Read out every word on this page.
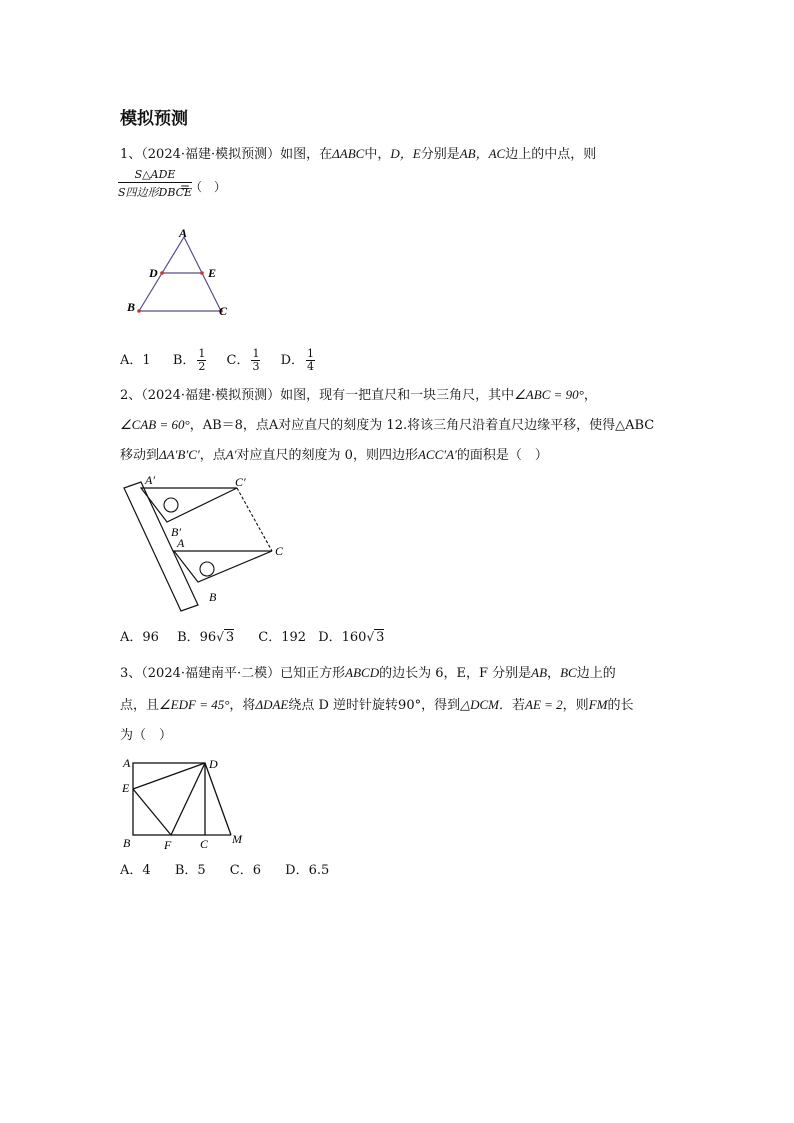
模拟预测
1、（2024·福建·模拟预测）如图，在ΔABC中，D，E分别是AB，AC边上的中点，则
S△ADE
S四边形DBCE
=（　）
A
D	E
B	C
A．1 B． $\frac{1}{2}$ C． $\frac{1}{3}$ D． $\frac{1}{4}$
2、（2024·福建·模拟预测）如图，现有一把直尺和一块三角尺，其中∠ABC = 90°，
∠CAB = 60°，AB＝8，点A对应直尺的刻度为 12.将该三角尺沿着直尺边缘平移，使得△ABC
移动到ΔA′B′C′，点A′对应直尺的刻度为 0，则四边形ACC′A′的面积是（　）
A′	C′
B′
A
C
B
A．96 B．96√ 3 C．192 D．160√ 3
3、（2024·福建南平·二模）已知正方形ABCD的边长为 6，E，F 分别是AB，BC边上的
点，且∠EDF = 45°，将ΔDAE绕点 D 逆时针旋转90°，得到△DCM．若AE = 2，则FM的长
为（　）
A	D
E
B	F C M
A．4 B．5 C．6 D．6.5
